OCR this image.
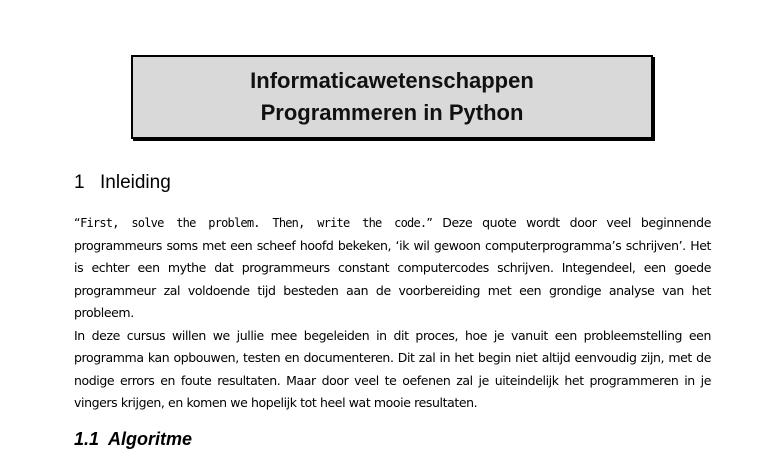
Informaticawetenschappen
Programmeren in Python
1 Inleiding

“First, solve the problem. Then, write the code.” Deze quote wordt door veel beginnende programmeurs soms met een scheef hoofd bekeken, ‘ik wil gewoon computerprogramma’s schrijven’. Het is echter een mythe dat programmeurs constant computercodes schrijven. Integendeel, een goede programmeur zal voldoende tijd besteden aan de voorbereiding met een grondige analyse van het probleem.

In deze cursus willen we jullie mee begeleiden in dit proces, hoe je vanuit een probleemstelling een programma kan opbouwen, testen en documenteren. Dit zal in het begin niet altijd eenvoudig zijn, met de nodige errors en foute resultaten. Maar door veel te oefenen zal je uiteindelijk het programmeren in je vingers krijgen, en komen we hopelijk tot heel wat mooie resultaten.

1.1 Algoritme
